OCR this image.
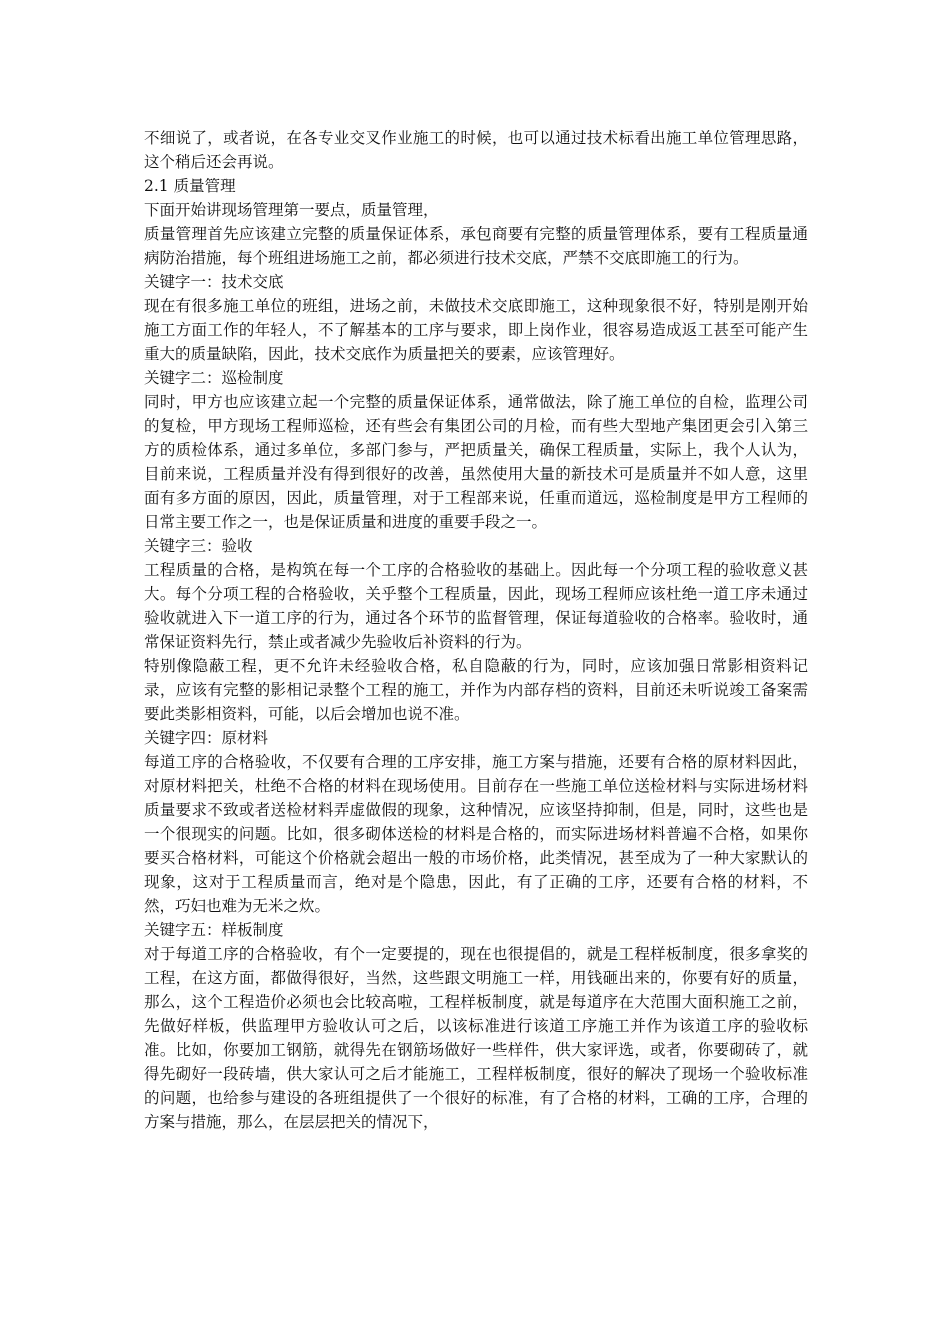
不细说了，或者说，在各专业交叉作业施工的时候，也可以通过技术标看出施工单位管理思路，这个稍后还会再说。

2.1 质量管理

下面开始讲现场管理第一要点，质量管理，

质量管理首先应该建立完整的质量保证体系，承包商要有完整的质量管理体系，要有工程质量通病防治措施，每个班组进场施工之前，都必须进行技术交底，严禁不交底即施工的行为。

关键字一：技术交底

现在有很多施工单位的班组，进场之前，未做技术交底即施工，这种现象很不好，特别是刚开始施工方面工作的年轻人，不了解基本的工序与要求，即上岗作业，很容易造成返工甚至可能产生重大的质量缺陷，因此，技术交底作为质量把关的要素，应该管理好。

关键字二：巡检制度

同时，甲方也应该建立起一个完整的质量保证体系，通常做法，除了施工单位的自检，监理公司的复检，甲方现场工程师巡检，还有些会有集团公司的月检，而有些大型地产集团更会引入第三方的质检体系，通过多单位，多部门参与，严把质量关，确保工程质量，实际上，我个人认为，目前来说，工程质量并没有得到很好的改善，虽然使用大量的新技术可是质量并不如人意，这里面有多方面的原因，因此，质量管理，对于工程部来说，任重而道远，巡检制度是甲方工程师的日常主要工作之一，也是保证质量和进度的重要手段之一。

关键字三：验收

工程质量的合格，是构筑在每一个工序的合格验收的基础上。因此每一个分项工程的验收意义甚大。每个分项工程的合格验收，关乎整个工程质量，因此，现场工程师应该杜绝一道工序未通过验收就进入下一道工序的行为，通过各个环节的监督管理，保证每道验收的合格率。验收时，通常保证资料先行，禁止或者减少先验收后补资料的行为。

特别像隐蔽工程，更不允许未经验收合格，私自隐蔽的行为，同时，应该加强日常影相资料记录，应该有完整的影相记录整个工程的施工，并作为内部存档的资料，目前还未听说竣工备案需要此类影相资料，可能，以后会增加也说不准。

关键字四：原材料

每道工序的合格验收，不仅要有合理的工序安排，施工方案与措施，还要有合格的原材料因此，对原材料把关，杜绝不合格的材料在现场使用。目前存在一些施工单位送检材料与实际进场材料质量要求不致或者送检材料弄虚做假的现象，这种情况，应该坚持抑制，但是，同时，这些也是一个很现实的问题。比如，很多砌体送检的材料是合格的，而实际进场材料普遍不合格，如果你要买合格材料，可能这个价格就会超出一般的市场价格，此类情况，甚至成为了一种大家默认的现象，这对于工程质量而言，绝对是个隐患，因此，有了正确的工序，还要有合格的材料，不然，巧妇也难为无米之炊。

关键字五：样板制度

对于每道工序的合格验收，有个一定要提的，现在也很提倡的，就是工程样板制度，很多拿奖的工程，在这方面，都做得很好，当然，这些跟文明施工一样，用钱砸出来的，你要有好的质量，那么，这个工程造价必须也会比较高啦，工程样板制度，就是每道序在大范围大面积施工之前，先做好样板，供监理甲方验收认可之后，以该标准进行该道工序施工并作为该道工序的验收标准。比如，你要加工钢筋，就得先在钢筋场做好一些样件，供大家评选，或者，你要砌砖了，就得先砌好一段砖墙，供大家认可之后才能施工，工程样板制度，很好的解决了现场一个验收标准的问题，也给参与建设的各班组提供了一个很好的标准，有了合格的材料，工确的工序，合理的方案与措施，那么，在层层把关的情况下，
